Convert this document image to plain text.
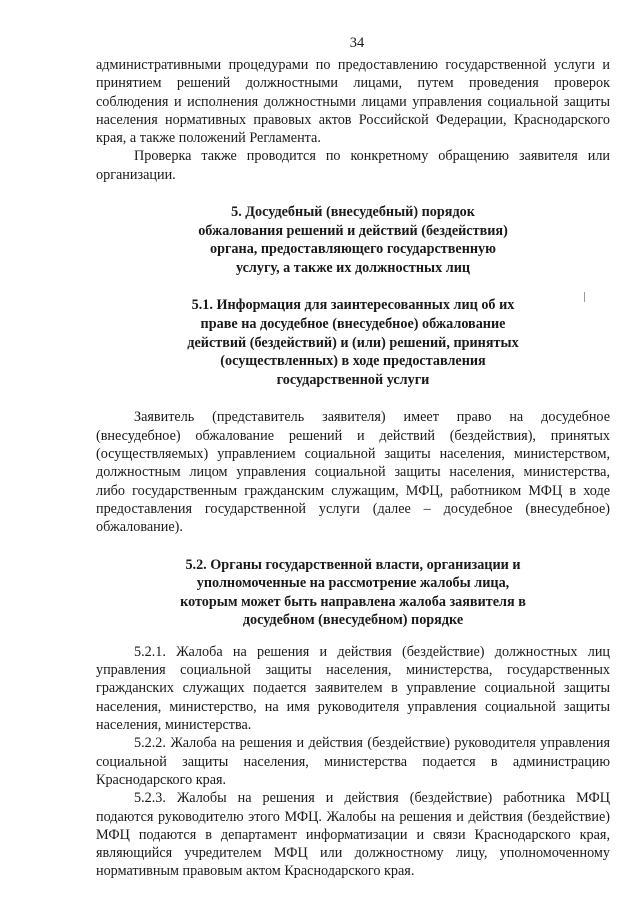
34

административными процедурами по предоставлению государственной услуги и принятием решений должностными лицами, путем проведения проверок соблюдения и исполнения должностными лицами управления социальной защиты населения нормативных правовых актов Российской Федерации, Краснодарского края, а также положений Регламента.

Проверка также проводится по конкретному обращению заявителя или организации.

5. Досудебный (внесудебный) порядок обжалования решений и действий (бездействия) органа, предоставляющего государственную услугу, а также их должностных лиц

5.1. Информация для заинтересованных лиц об их праве на досудебное (внесудебное) обжалование действий (бездействий) и (или) решений, принятых (осуществленных) в ходе предоставления государственной услуги

Заявитель (представитель заявителя) имеет право на досудебное (внесудебное) обжалование решений и действий (бездействия), принятых (осуществляемых) управлением социальной защиты населения, министерством, должностным лицом управления социальной защиты населения, министерства, либо государственным гражданским служащим, МФЦ, работником МФЦ в ходе предоставления государственной услуги (далее – досудебное (внесудебное) обжалование).

5.2. Органы государственной власти, организации и уполномоченные на рассмотрение жалобы лица, которым может быть направлена жалоба заявителя в досудебном (внесудебном) порядке

5.2.1. Жалоба на решения и действия (бездействие) должностных лиц управления социальной защиты населения, министерства, государственных гражданских служащих подается заявителем в управление социальной защиты населения, министерство, на имя руководителя управления социальной защиты населения, министерства.

5.2.2. Жалоба на решения и действия (бездействие) руководителя управления социальной защиты населения, министерства подается в администрацию Краснодарского края.

5.2.3. Жалобы на решения и действия (бездействие) работника МФЦ подаются руководителю этого МФЦ. Жалобы на решения и действия (бездействие) МФЦ подаются в департамент информатизации и связи Краснодарского края, являющийся учредителем МФЦ или должностному лицу, уполномоченному нормативным правовым актом Краснодарского края.
